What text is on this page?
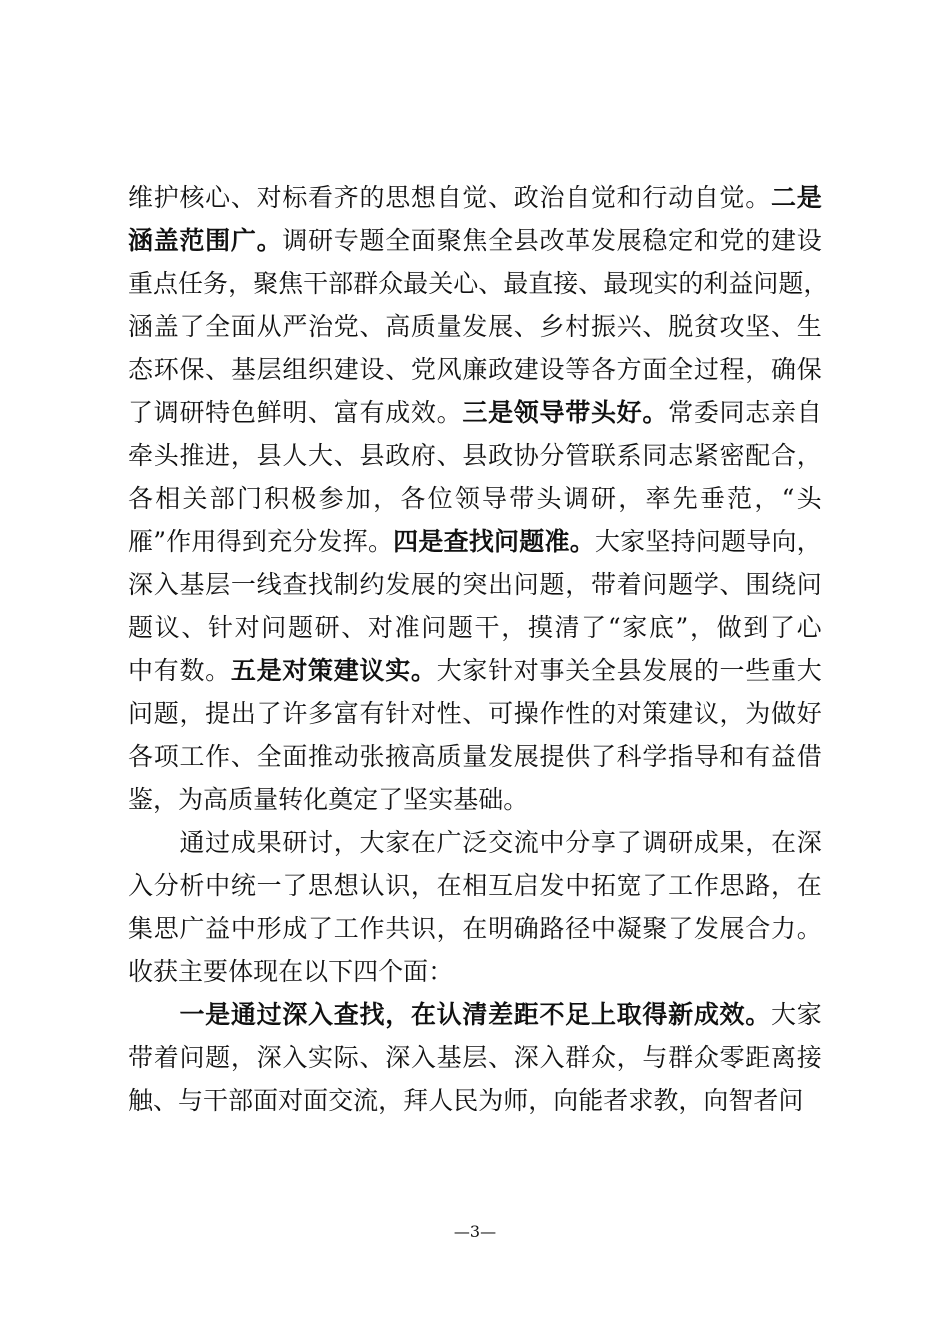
维 护 核 心 、 对 标 看 齐 的 思 想 自 觉 、 政 治 自 觉 和 行 动 自 觉 。 二 是
涵 盖 范 围 广 。 调 研 专 题 全 面 聚 焦 全 县 改 革 发 展 稳 定 和 党 的 建 设
重 点 任 务 ， 聚 焦 干 部 群 众 最 关 心 、 最 直 接 、 最 现 实 的 利 益 问 题 ，
涵 盖 了 全 面 从 严 治 党 、 高 质 量 发 展 、 乡 村 振 兴 、 脱 贫 攻 坚 、 生
态 环 保 、 基 层 组 织 建 设 、 党 风 廉 政 建 设 等 各 方 面 全 过 程 ， 确 保
了 调 研 特 色 鲜 明 、 富 有 成 效 。 三 是 领 导 带 头 好 。 常 委 同 志 亲 自
牵 头 推 进 ， 县 人 大 、 县 政 府 、 县 政 协 分 管 联 系 同 志 紧 密 配 合 ，
各 相 关 部 门 积 极 参 加 ， 各 位 领 导 带 头 调 研 ， 率 先 垂 范 ， “ 头
雁 ” 作 用 得 到 充 分 发 挥 。 四 是 查 找 问 题 准 。 大 家 坚 持 问 题 导 向 ，
深 入 基 层 一 线 查 找 制 约 发 展 的 突 出 问 题 ， 带 着 问 题 学 、 围 绕 问
题 议 、 针 对 问 题 研 、 对 准 问 题 干 ， 摸 清 了 “ 家 底 ” ， 做 到 了 心
中 有 数 。 五 是 对 策 建 议 实 。 大 家 针 对 事 关 全 县 发 展 的 一 些 重 大
问 题 ， 提 出 了 许 多 富 有 针 对 性 、 可 操 作 性 的 对 策 建 议 ， 为 做 好
各 项 工 作 、 全 面 推 动 张 掖 高 质 量 发 展 提 供 了 科 学 指 导 和 有 益 借
鉴 ， 为 高 质 量 转 化 奠 定 了 坚 实 基 础 。

通 过 成 果 研 讨 ， 大 家 在 广 泛 交 流 中 分 享 了 调 研 成 果 ， 在 深
入 分 析 中 统 一 了 思 想 认 识 ， 在 相 互 启 发 中 拓 宽 了 工 作 思 路 ， 在
集 思 广 益 中 形 成 了 工 作 共 识 ， 在 明 确 路 径 中 凝 聚 了 发 展 合 力 。
收 获 主 要 体 现 在 以 下 四 个 面 ：

一 是 通 过 深 入 查 找 ， 在 认 清 差 距 不 足 上 取 得 新 成 效 。 大 家
带 着 问 题 ， 深 入 实 际 、 深 入 基 层 、 深 入 群 众 ， 与 群 众 零 距 离 接
触 、 与 干 部 面 对 面 交 流 ， 拜 人 民 为 师 ， 向 能 者 求 教 ， 向 智 者 问
—3—
